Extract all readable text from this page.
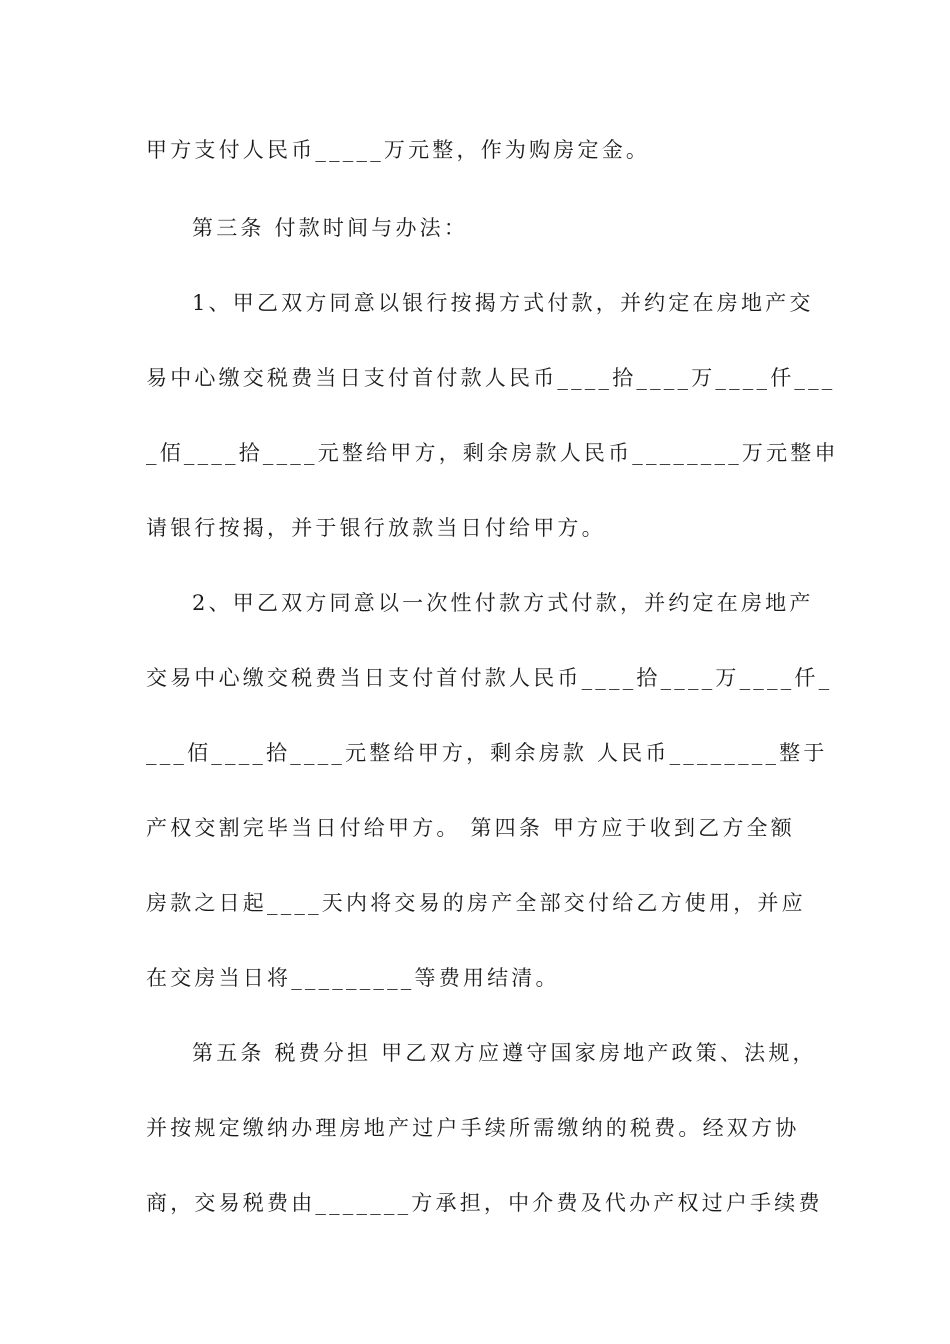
甲方支付人民币_____万元整，作为购房定金。
第三条 付款时间与办法：
1、甲乙双方同意以银行按揭方式付款，并约定在房地产交
易中心缴交税费当日支付首付款人民币____拾____万____仟___
_佰____拾____元整给甲方，剩余房款人民币________万元整申
请银行按揭，并于银行放款当日付给甲方。
2、甲乙双方同意以一次性付款方式付款，并约定在房地产
交易中心缴交税费当日支付首付款人民币____拾____万____仟_
___佰____拾____元整给甲方，剩余房款 人民币________整于
产权交割完毕当日付给甲方。 第四条 甲方应于收到乙方全额
房款之日起____天内将交易的房产全部交付给乙方使用，并应
在交房当日将_________等费用结清。
第五条 税费分担 甲乙双方应遵守国家房地产政策、法规，
并按规定缴纳办理房地产过户手续所需缴纳的税费。经双方协
商，交易税费由_______方承担，中介费及代办产权过户手续费
